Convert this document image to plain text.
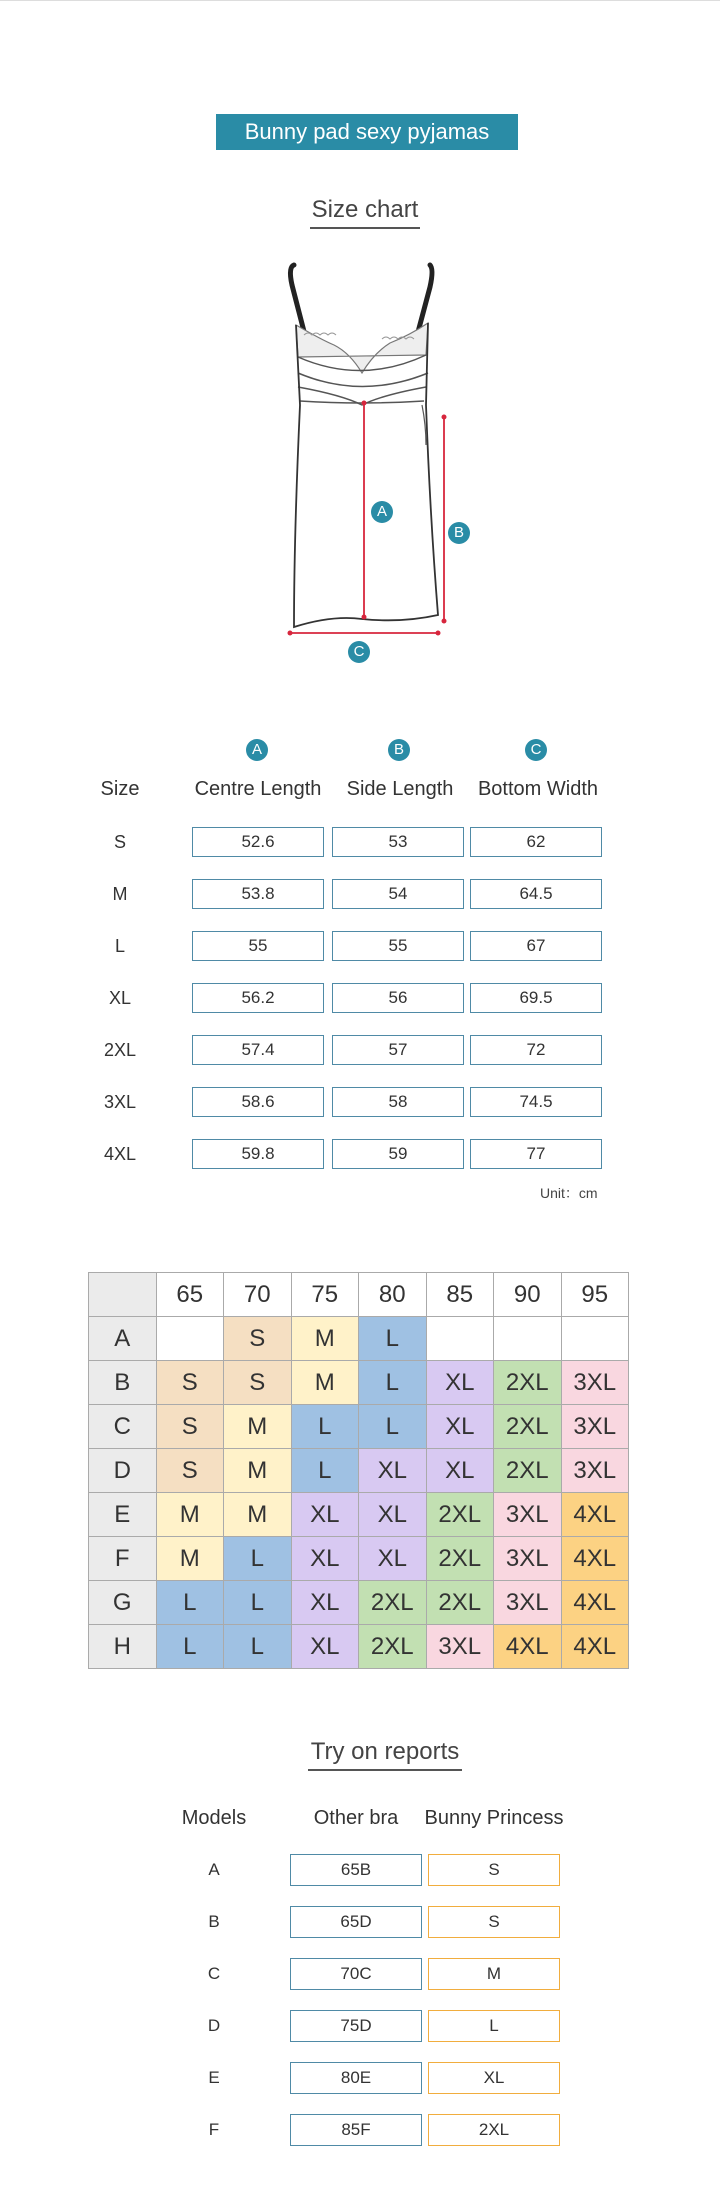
Bunny pad sexy pyjamas
Size chart
A
B
C
A	B	C
Size	Centre Length	Side Length	Bottom Width
S	52.6	53	62
M	53.8	54	64.5
L	55	55	67
XL	56.2	56	69.5
2XL	57.4	57	72
3XL	58.6	58	74.5
4XL	59.8	59	77
Unit：cm
	65	70	75	80	85	90	95
A		S	M	L			
B	S	S	M	L	XL	2XL	3XL
C	S	M	L	L	XL	2XL	3XL
D	S	M	L	XL	XL	2XL	3XL
E	M	M	XL	XL	2XL	3XL	4XL
F	M	L	XL	XL	2XL	3XL	4XL
G	L	L	XL	2XL	2XL	3XL	4XL
H	L	L	XL	2XL	3XL	4XL	4XL
Try on reports
Models	Other bra	Bunny Princess
A	65B	S
B	65D	S
C	70C	M
D	75D	L
E	80E	XL
F	85F	2XL
